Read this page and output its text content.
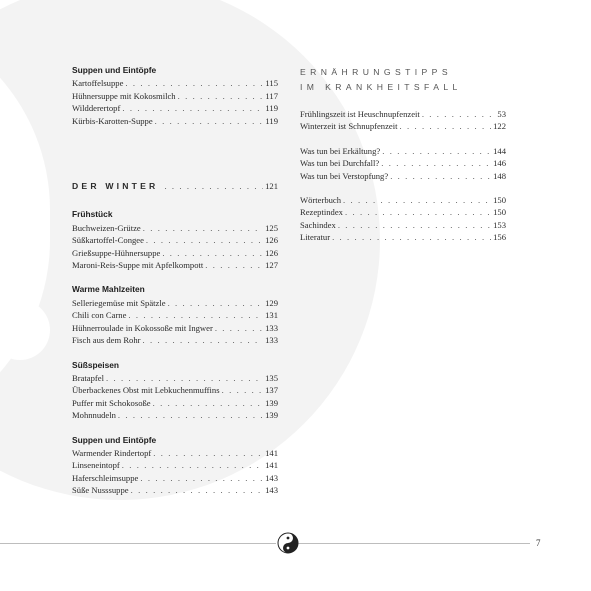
Suppen und Eintöpfe
Kartoffelsuppe . . .	115
Hühnersuppe mit Kokosmilch . . .	117
Wildderertopf . . .	119
Kürbis-Karotten-Suppe . . .	119
DER WINTER . . .	121
Frühstück
Buchweizen-Grütze . . .	125
Süßkartoffel-Congee . . .	126
Grießsuppe-Hühnersuppe . . .	126
Maroni-Reis-Suppe mit Apfelkompott . . .	127
Warme Mahlzeiten
Selleriegemüse mit Spätzle . . .	129
Chili con Carne . . .	131
Hühnerroulade in Kokossoße mit Ingwer . . .	133
Fisch aus dem Rohr . . .	133
Süßspeisen
Bratapfel . . .	135
Überbackenes Obst mit Lebkuchenmuffins . . .	137
Puffer mit Schokosoße . . .	139
Mohnnudeln . . .	139
Suppen und Eintöpfe
Warmender Rindertopf . . .	141
Linseneintopf . . .	141
Haferschleimsuppe . . .	143
Süße Nusssuppe . . .	143
ERNÄHRUNGSTIPPS
IM KRANKHEITSFALL
Frühlingszeit ist Heuschnupfenzeit . . .	53
Winterzeit ist Schnupfenzeit . . .	122
Was tun bei Erkältung? . . .	144
Was tun bei Durchfall? . . .	146
Was tun bei Verstopfung? . . .	148
Wörterbuch . . .	150
Rezeptindex . . .	150
Sachindex . . .	153
Literatur . . .	156
7
